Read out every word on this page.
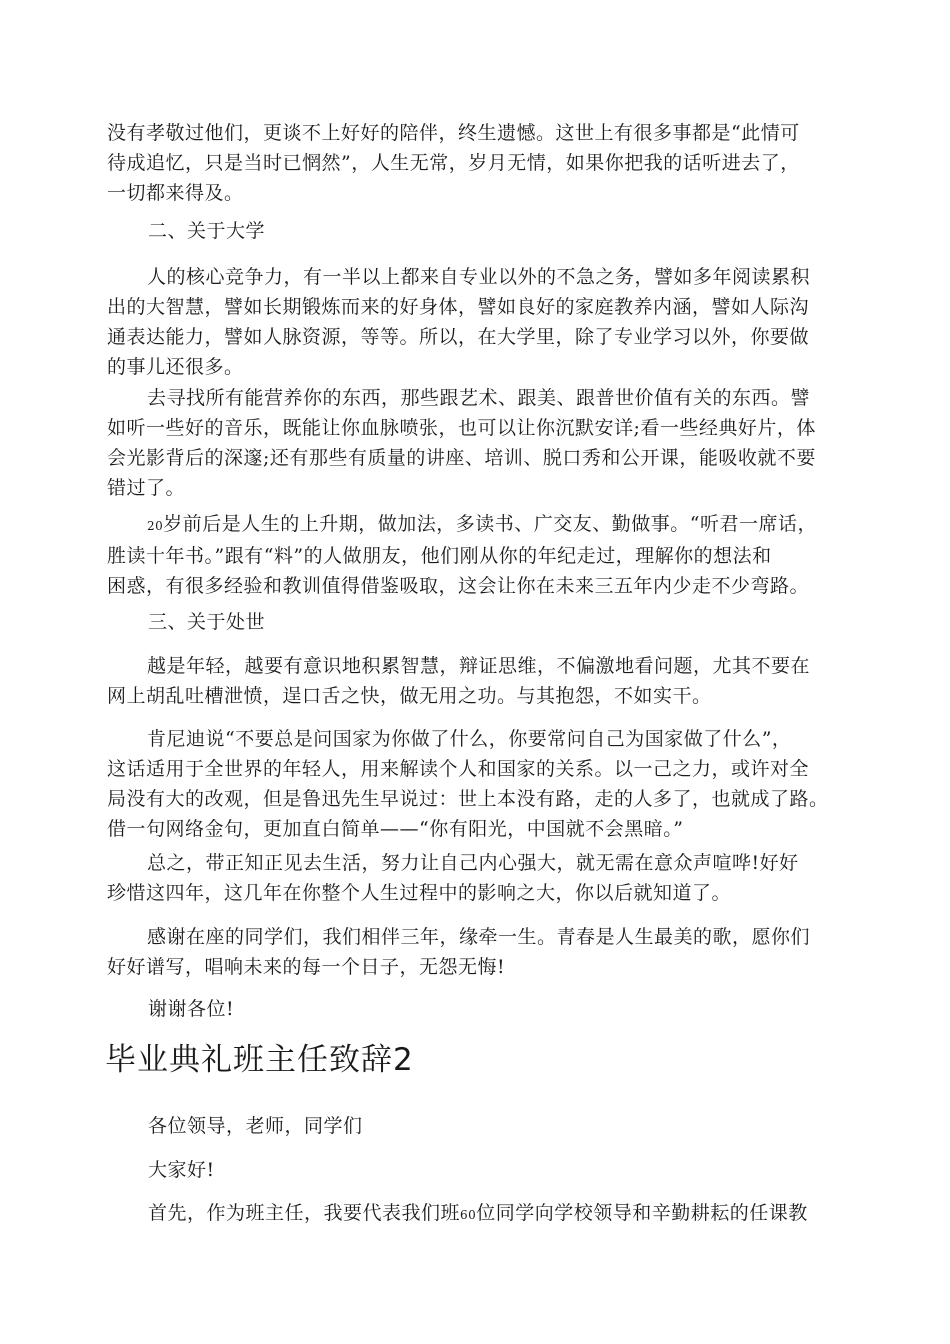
没有孝敬过他们，更谈不上好好的陪伴，终生遗憾。这世上有很多事都是“此情可
待成追忆，只是当时已惘然”，人生无常，岁月无情，如果你把我的话听进去了，
一切都来得及。
二、关于大学
人的核心竞争力，有一半以上都来自专业以外的不急之务，譬如多年阅读累积
出的大智慧，譬如长期锻炼而来的好身体，譬如良好的家庭教养内涵，譬如人际沟
通表达能力，譬如人脉资源，等等。所以，在大学里，除了专业学习以外，你要做
的事儿还很多。
去寻找所有能营养你的东西，那些跟艺术、跟美、跟普世价值有关的东西。譬
如听一些好的音乐，既能让你血脉喷张，也可以让你沉默安详;看一些经典好片，体
会光影背后的深邃;还有那些有质量的讲座、培训、脱口秀和公开课，能吸收就不要
错过了。
20岁前后是人生的上升期，做加法，多读书、广交友、勤做事。“听君一席话，
胜读十年书。”跟有“料”的人做朋友，他们刚从你的年纪走过，理解你的想法和
困惑，有很多经验和教训值得借鉴吸取，这会让你在未来三五年内少走不少弯路。
三、关于处世
越是年轻，越要有意识地积累智慧，辩证思维，不偏激地看问题，尤其不要在
网上胡乱吐槽泄愤，逞口舌之快，做无用之功。与其抱怨，不如实干。
肯尼迪说“不要总是问国家为你做了什么，你要常问自己为国家做了什么”，
这话适用于全世界的年轻人，用来解读个人和国家的关系。以一己之力，或许对全
局没有大的改观，但是鲁迅先生早说过：世上本没有路，走的人多了，也就成了路。
借一句网络金句，更加直白简单——“你有阳光，中国就不会黑暗。”
总之，带正知正见去生活，努力让自己内心强大，就无需在意众声喧哗!好好
珍惜这四年，这几年在你整个人生过程中的影响之大，你以后就知道了。
感谢在座的同学们，我们相伴三年，缘牵一生。青春是人生最美的歌，愿你们
好好谱写，唱响未来的每一个日子，无怨无悔!
谢谢各位!
毕业典礼班主任致辞2
各位领导，老师，同学们
大家好!
首先，作为班主任，我要代表我们班60位同学向学校领导和辛勤耕耘的任课教
